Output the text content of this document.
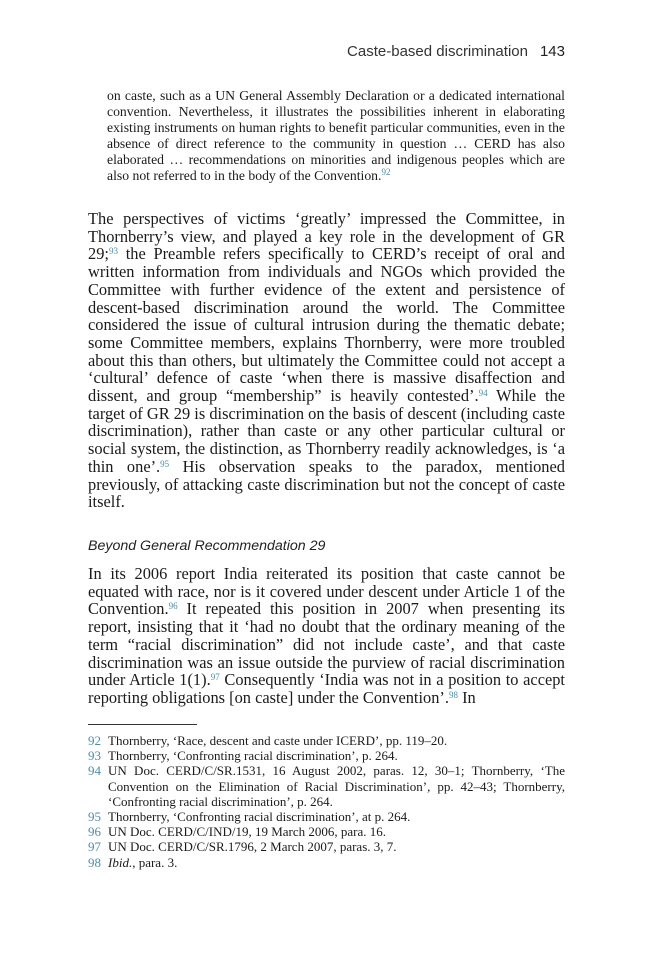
Caste-based discrimination 143
on caste, such as a UN General Assembly Declaration or a dedicated international convention. Nevertheless, it illustrates the possibilities inherent in elaborating existing instruments on human rights to benefit particular communities, even in the absence of direct reference to the community in question … CERD has also elaborated … recommendations on minorities and indigenous peoples which are also not referred to in the body of the Convention.$^{92}$
The perspectives of victims ‘greatly’ impressed the Committee, in Thornberry’s view, and played a key role in the development of GR 29;$^{93}$ the Preamble refers specifically to CERD’s receipt of oral and written information from individuals and NGOs which provided the Committee with further evidence of the extent and persistence of descent-based discrimination around the world. The Committee considered the issue of cultural intrusion during the thematic debate; some Committee members, explains Thornberry, were more troubled about this than others, but ultimately the Committee could not accept a ‘cultural’ defence of caste ‘when there is massive disaffection and dissent, and group “membership” is heavily contested’.$^{94}$ While the target of GR 29 is discrimination on the basis of descent (including caste discrimination), rather than caste or any other particular cultural or social system, the distinction, as Thornberry readily acknowledges, is ‘a thin one’.$^{95}$ His observation speaks to the paradox, mentioned previously, of attacking caste discrimination but not the concept of caste itself.
Beyond General Recommendation 29
In its 2006 report India reiterated its position that caste cannot be equated with race, nor is it covered under descent under Article 1 of the Convention.$^{96}$ It repeated this position in 2007 when presenting its report, insisting that it ‘had no doubt that the ordinary meaning of the term “racial discrimination” did not include caste’, and that caste discrimination was an issue outside the purview of racial discrimination under Article 1(1).$^{97}$ Consequently ‘India was not in a position to accept reporting obligations [on caste] under the Convention’.$^{98}$ In
92 Thornberry, ‘Race, descent and caste under ICERD’, pp. 119–20.
93 Thornberry, ‘Confronting racial discrimination’, p. 264.
94 UN Doc. CERD/C/SR.1531, 16 August 2002, paras. 12, 30–1; Thornberry, ‘The Convention on the Elimination of Racial Discrimination’, pp. 42–43; Thornberry, ‘Confronting racial discrimination’, p. 264.
95 Thornberry, ‘Confronting racial discrimination’, at p. 264.
96 UN Doc. CERD/C/IND/19, 19 March 2006, para. 16.
97 UN Doc. CERD/C/SR.1796, 2 March 2007, paras. 3, 7.
98 Ibid., para. 3.
